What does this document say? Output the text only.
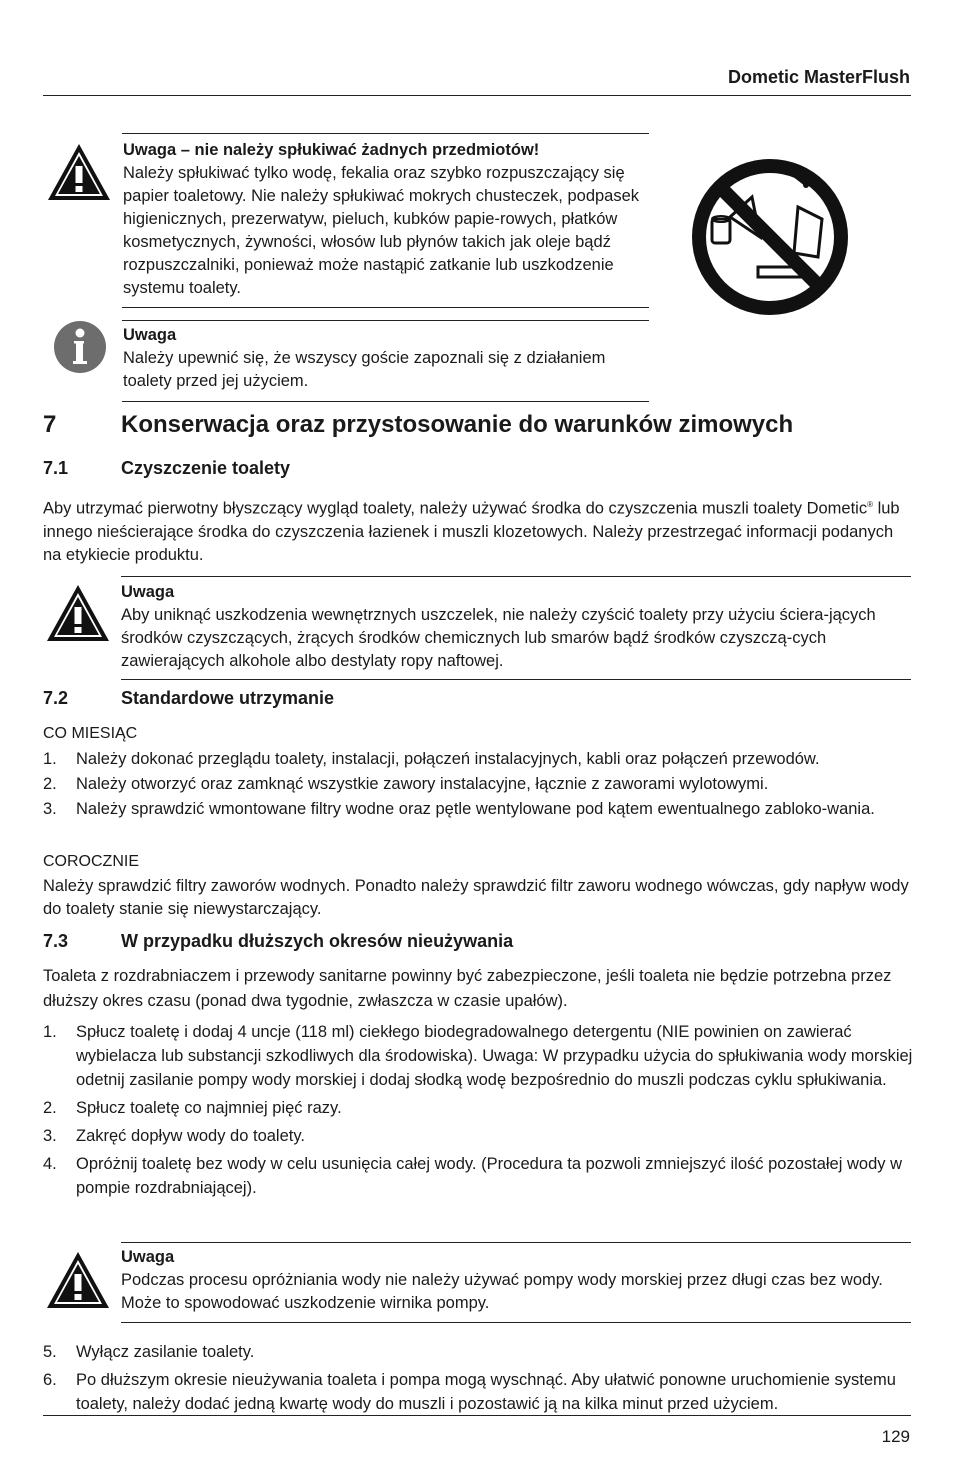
Dometic MasterFlush
Uwaga – nie należy spłukiwać żadnych przedmiotów!
Należy spłukiwać tylko wodę, fekalia oraz szybko rozpuszczający się papier toaletowy. Nie należy spłukiwać mokrych chusteczek, podpasek higienicznych, prezerwatyw, pieluch, kubków papie-rowych, płatków kosmetycznych, żywności, włosów lub płynów takich jak oleje bądź rozpuszczalniki, ponieważ może nastąpić zatkanie lub uszkodzenie systemu toalety.
Uwaga
Należy upewnić się, że wszyscy goście zapoznali się z działaniem toalety przed jej użyciem.
7	Konserwacja oraz przystosowanie do warunków zimowych
7.1	Czyszczenie toalety
Aby utrzymać pierwotny błyszczący wygląd toalety, należy używać środka do czyszczenia muszli toalety Dometic® lub innego nieścierające środka do czyszczenia łazienek i muszli klozetowych. Należy przestrzegać informacji podanych na etykiecie produktu.
Uwaga
Aby uniknąć uszkodzenia wewnętrznych uszczelek, nie należy czyścić toalety przy użyciu ściera-jących środków czyszczących, żrących środków chemicznych lub smarów bądź środków czyszczą-cych zawierających alkohole albo destylaty ropy naftowej.
7.2	Standardowe utrzymanie
CO MIESIĄC
1. Należy dokonać przeglądu toalety, instalacji, połączeń instalacyjnych, kabli oraz połączeń przewodów.
2. Należy otworzyć oraz zamknąć wszystkie zawory instalacyjne, łącznie z zaworami wylotowymi.
3. Należy sprawdzić wmontowane filtry wodne oraz pętle wentylowane pod kątem ewentualnego zabloko-wania.
COROCZNIE
Należy sprawdzić filtry zaworów wodnych. Ponadto należy sprawdzić filtr zaworu wodnego wówczas, gdy napływ wody do toalety stanie się niewystarczający.
7.3	W przypadku dłuższych okresów nieużywania
Toaleta z rozdrabniaczem i przewody sanitarne powinny być zabezpieczone, jeśli toaleta nie będzie potrzebna przez dłuższy okres czasu (ponad dwa tygodnie, zwłaszcza w czasie upałów).
1. Spłucz toaletę i dodaj 4 uncje (118 ml) ciekłego biodegradowalnego detergentu (NIE powinien on zawierać wybielacza lub substancji szkodliwych dla środowiska). Uwaga: W przypadku użycia do spłukiwania wody morskiej odetnij zasilanie pompy wody morskiej i dodaj słodką wodę bezpośrednio do muszli podczas cyklu spłukiwania.
2. Spłucz toaletę co najmniej pięć razy.
3. Zakręć dopływ wody do toalety.
4. Opróżnij toaletę bez wody w celu usunięcia całej wody. (Procedura ta pozwoli zmniejszyć ilość pozostałej wody w pompie rozdrabniającej).
Uwaga
Podczas procesu opróżniania wody nie należy używać pompy wody morskiej przez długi czas bez wody. Może to spowodować uszkodzenie wirnika pompy.
5. Wyłącz zasilanie toalety.
6. Po dłuższym okresie nieużywania toaleta i pompa mogą wyschnąć. Aby ułatwić ponowne uruchomienie systemu toalety, należy dodać jedną kwartę wody do muszli i pozostawić ją na kilka minut przed użyciem.
129
